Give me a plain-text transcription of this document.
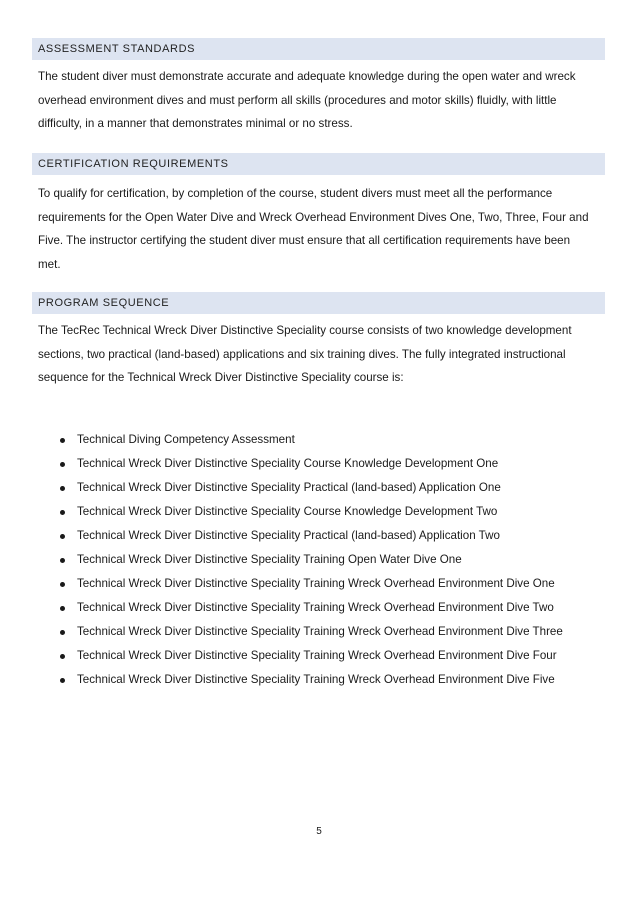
ASSESSMENT STANDARDS
The student diver must demonstrate accurate and adequate knowledge during the open water and wreck
overhead environment dives and must perform all skills (procedures and motor skills) fluidly, with little
difficulty, in a manner that demonstrates minimal or no stress.
CERTIFICATION REQUIREMENTS
To qualify for certification, by completion of the course, student divers must meet all the performance
requirements for the Open Water Dive and Wreck Overhead Environment Dives One, Two, Three, Four and
Five. The instructor certifying the student diver must ensure that all certification requirements have been
met.
PROGRAM SEQUENCE
The TecRec Technical Wreck Diver Distinctive Speciality course consists of two knowledge development
sections, two practical (land-based) applications and six training dives. The fully integrated instructional
sequence for the Technical Wreck Diver Distinctive Speciality course is:
Technical Diving Competency Assessment
Technical Wreck Diver Distinctive Speciality Course Knowledge Development One
Technical Wreck Diver Distinctive Speciality Practical (land-based) Application One
Technical Wreck Diver Distinctive Speciality Course Knowledge Development Two
Technical Wreck Diver Distinctive Speciality Practical (land-based) Application Two
Technical Wreck Diver Distinctive Speciality Training Open Water Dive One
Technical Wreck Diver Distinctive Speciality Training Wreck Overhead Environment Dive One
Technical Wreck Diver Distinctive Speciality Training Wreck Overhead Environment Dive Two
Technical Wreck Diver Distinctive Speciality Training Wreck Overhead Environment Dive Three
Technical Wreck Diver Distinctive Speciality Training Wreck Overhead Environment Dive Four
Technical Wreck Diver Distinctive Speciality Training Wreck Overhead Environment Dive Five
5
